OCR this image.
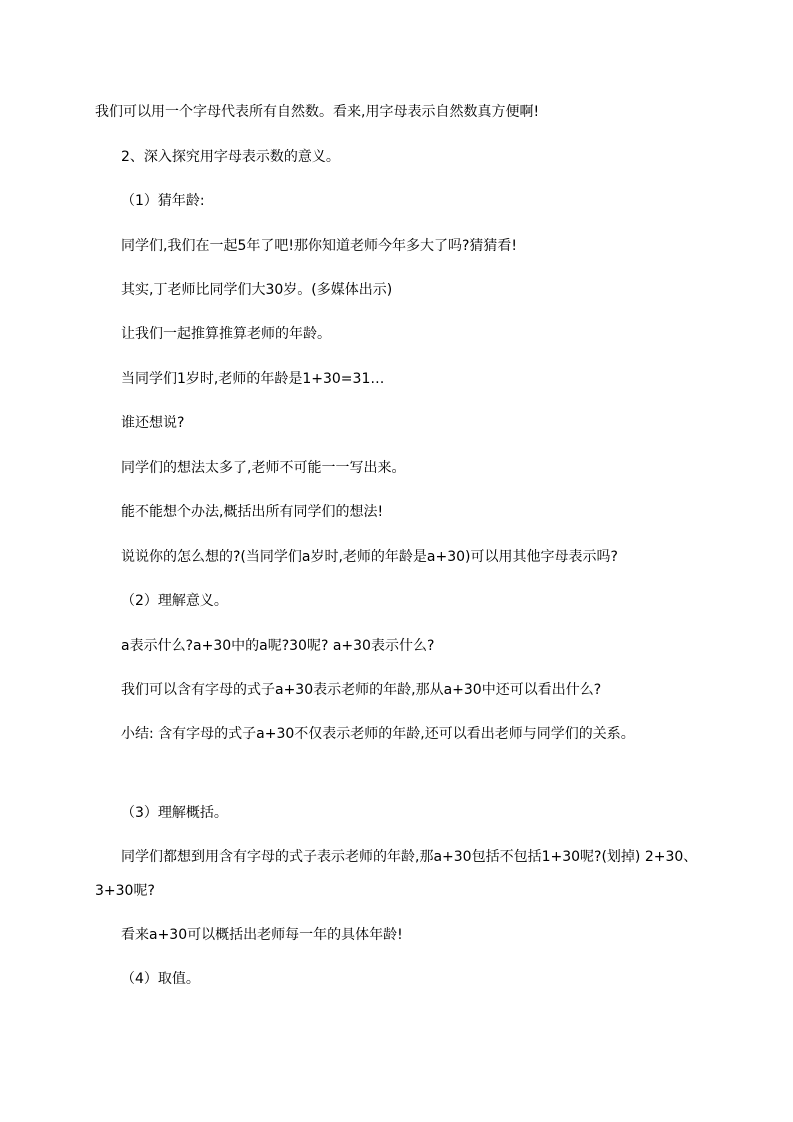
我们可以用一个字母代表所有自然数。看来,用字母表示自然数真方便啊!
2、深入探究用字母表示数的意义。
（1）猜年龄:
同学们,我们在一起5年了吧!那你知道老师今年多大了吗?猜猜看!
其实,丁老师比同学们大30岁。(多媒体出示)
让我们一起推算推算老师的年龄。
当同学们1岁时,老师的年龄是1+30=31…
谁还想说?
同学们的想法太多了,老师不可能一一写出来。
能不能想个办法,概括出所有同学们的想法!
说说你的怎么想的?(当同学们a岁时,老师的年龄是a+30)可以用其他字母表示吗?
（2）理解意义。
a表示什么?a+30中的a呢?30呢? a+30表示什么?
我们可以含有字母的式子a+30表示老师的年龄,那从a+30中还可以看出什么?
小结: 含有字母的式子a+30不仅表示老师的年龄,还可以看出老师与同学们的关系。
（3）理解概括。
同学们都想到用含有字母的式子表示老师的年龄,那a+30包括不包括1+30呢?(划掉) 2+30、3+30呢?
看来a+30可以概括出老师每一年的具体年龄!
（4）取值。
